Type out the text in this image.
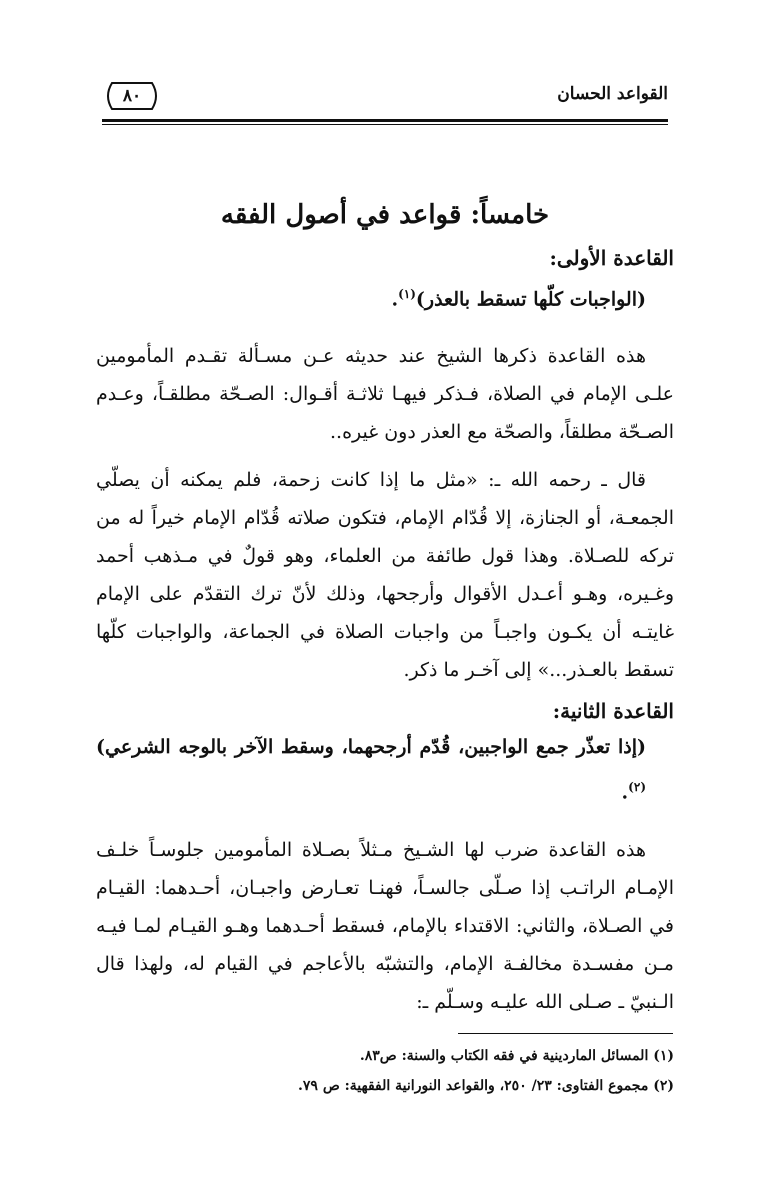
القواعد الحسان
٨٠
خامساً: قواعد في أصول الفقه
القاعدة الأولى:
(الواجبات كلّها تسقط بالعذر)$^{(١)}$.

هذه القاعدة ذكرها الشيخ عند حديثه عـن مسـألة تقـدم المأمومين علـى الإمام في الصلاة، فـذكر فيهـا ثلاثـة أقـوال: الصـحّة مطلقـاً، وعـدم الصـحّة مطلقاً، والصحّة مع العذر دون غيره..

قال ـ رحمه الله ـ: «مثل ما إذا كانت زحمة، فلم يمكنه أن يصلّي الجمعـة، أو الجنازة، إلا قُدّام الإمام، فتكون صلاته قُدّام الإمام خيراً له من تركه للصـلاة. وهذا قول طائفة من العلماء، وهو قولٌ في مـذهب أحمد وغـيره، وهـو أعـدل الأقوال وأرجحها، وذلك لأنّ ترك التقدّم على الإمام غايتـه أن يكـون واجبـاً من واجبات الصلاة في الجماعة، والواجبات كلّها تسقط بالعـذر...» إلى آخـر ما ذكر.

القاعدة الثانية:
(إذا تعذّر جمع الواجبين، قُدّم أرجحهما، وسقط الآخر بالوجه الشرعي)$^{(٢)}$.

هذه القاعدة ضرب لها الشـيخ مـثلاً بصـلاة المأمومين جلوسـاً خلـف الإمـام الراتـب إذا صـلّى جالسـاً، فهنـا تعـارض واجبـان، أحـدهما: القيـام في الصـلاة، والثاني: الاقتداء بالإمام، فسقط أحـدهما وهـو القيـام لمـا فيـه مـن مفسـدة مخالفـة الإمام، والتشبّه بالأعاجم في القيام له، ولهذا قال الـنبيّ ـ صـلى الله عليـه وسـلّم ـ:

(١) المسائل الماردينية في فقه الكتاب والسنة: ص٨٣.
(٢) مجموع الفتاوى: ٢٣/ ٢٥٠، والقواعد النورانية الفقهية: ص ٧٩.
